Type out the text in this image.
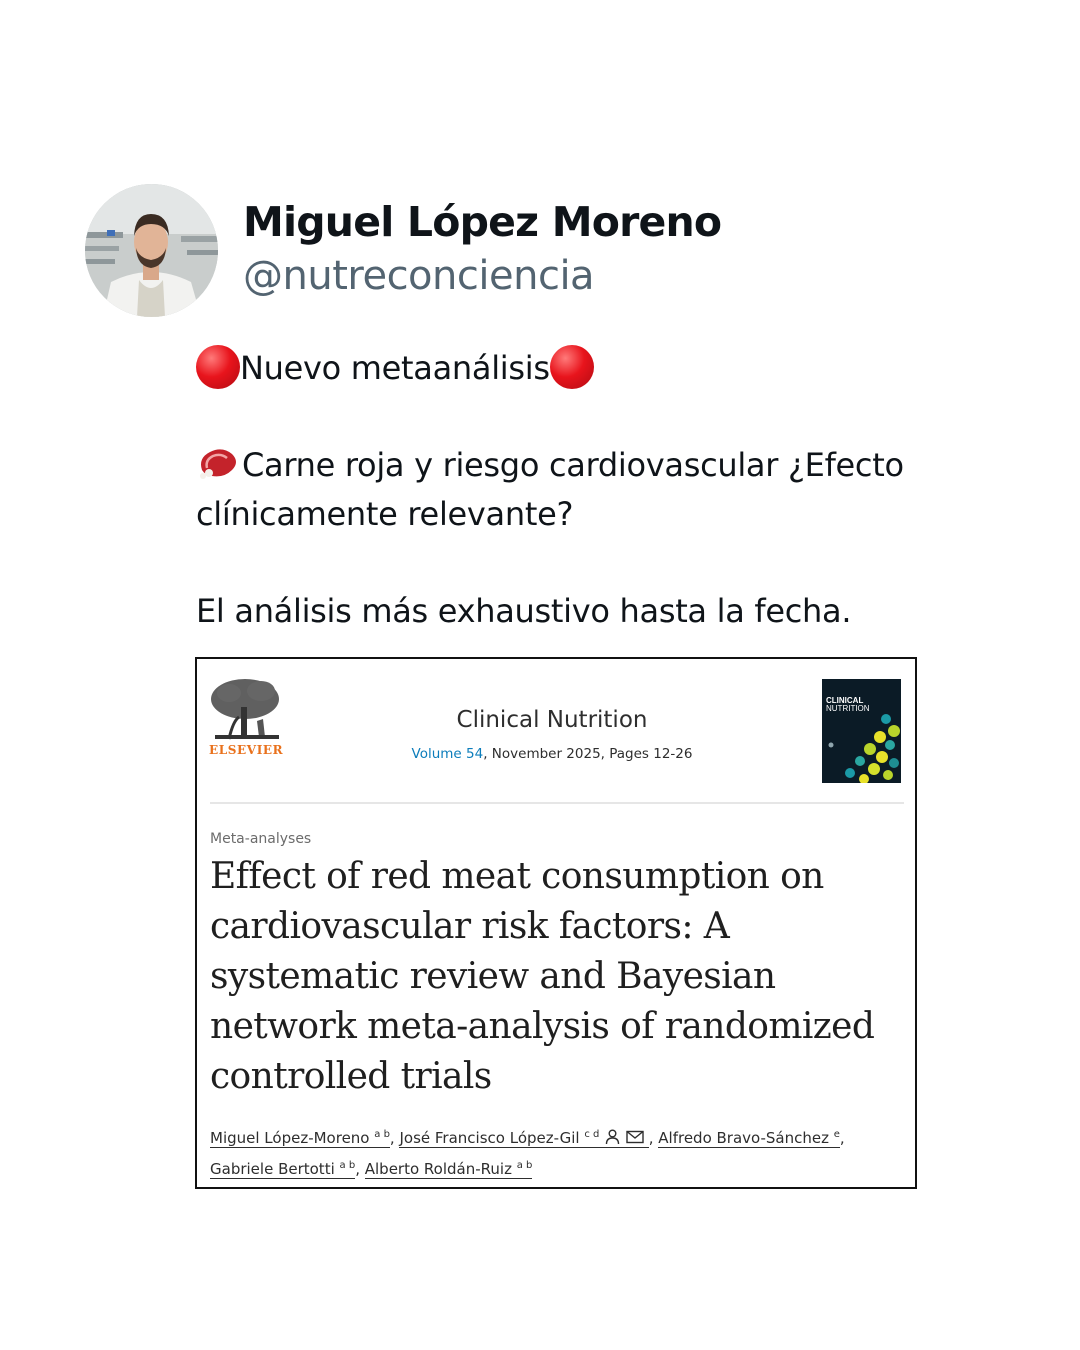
Miguel López Moreno
@nutreconciencia
Nuevo metaanálisis
Carne roja y riesgo cardiovascular ¿Efecto
clínicamente relevante?
El análisis más exhaustivo hasta la fecha.
ELSEVIER
Clinical Nutrition
Volume 54, November 2025, Pages 12-26
CLINICAL
NUTRITION
Meta-analyses
Effect of red meat consumption on
cardiovascular risk factors: A
systematic review and Bayesian
network meta-analysis of randomized
controlled trials
Miguel López-Moreno $^{a b}$, José Francisco López-Gil $^{c d}$	, Alfredo Bravo-Sánchez $^e$,
Gabriele Bertotti $^{a b}$, Alberto Roldán-Ruiz $^{a b}$
